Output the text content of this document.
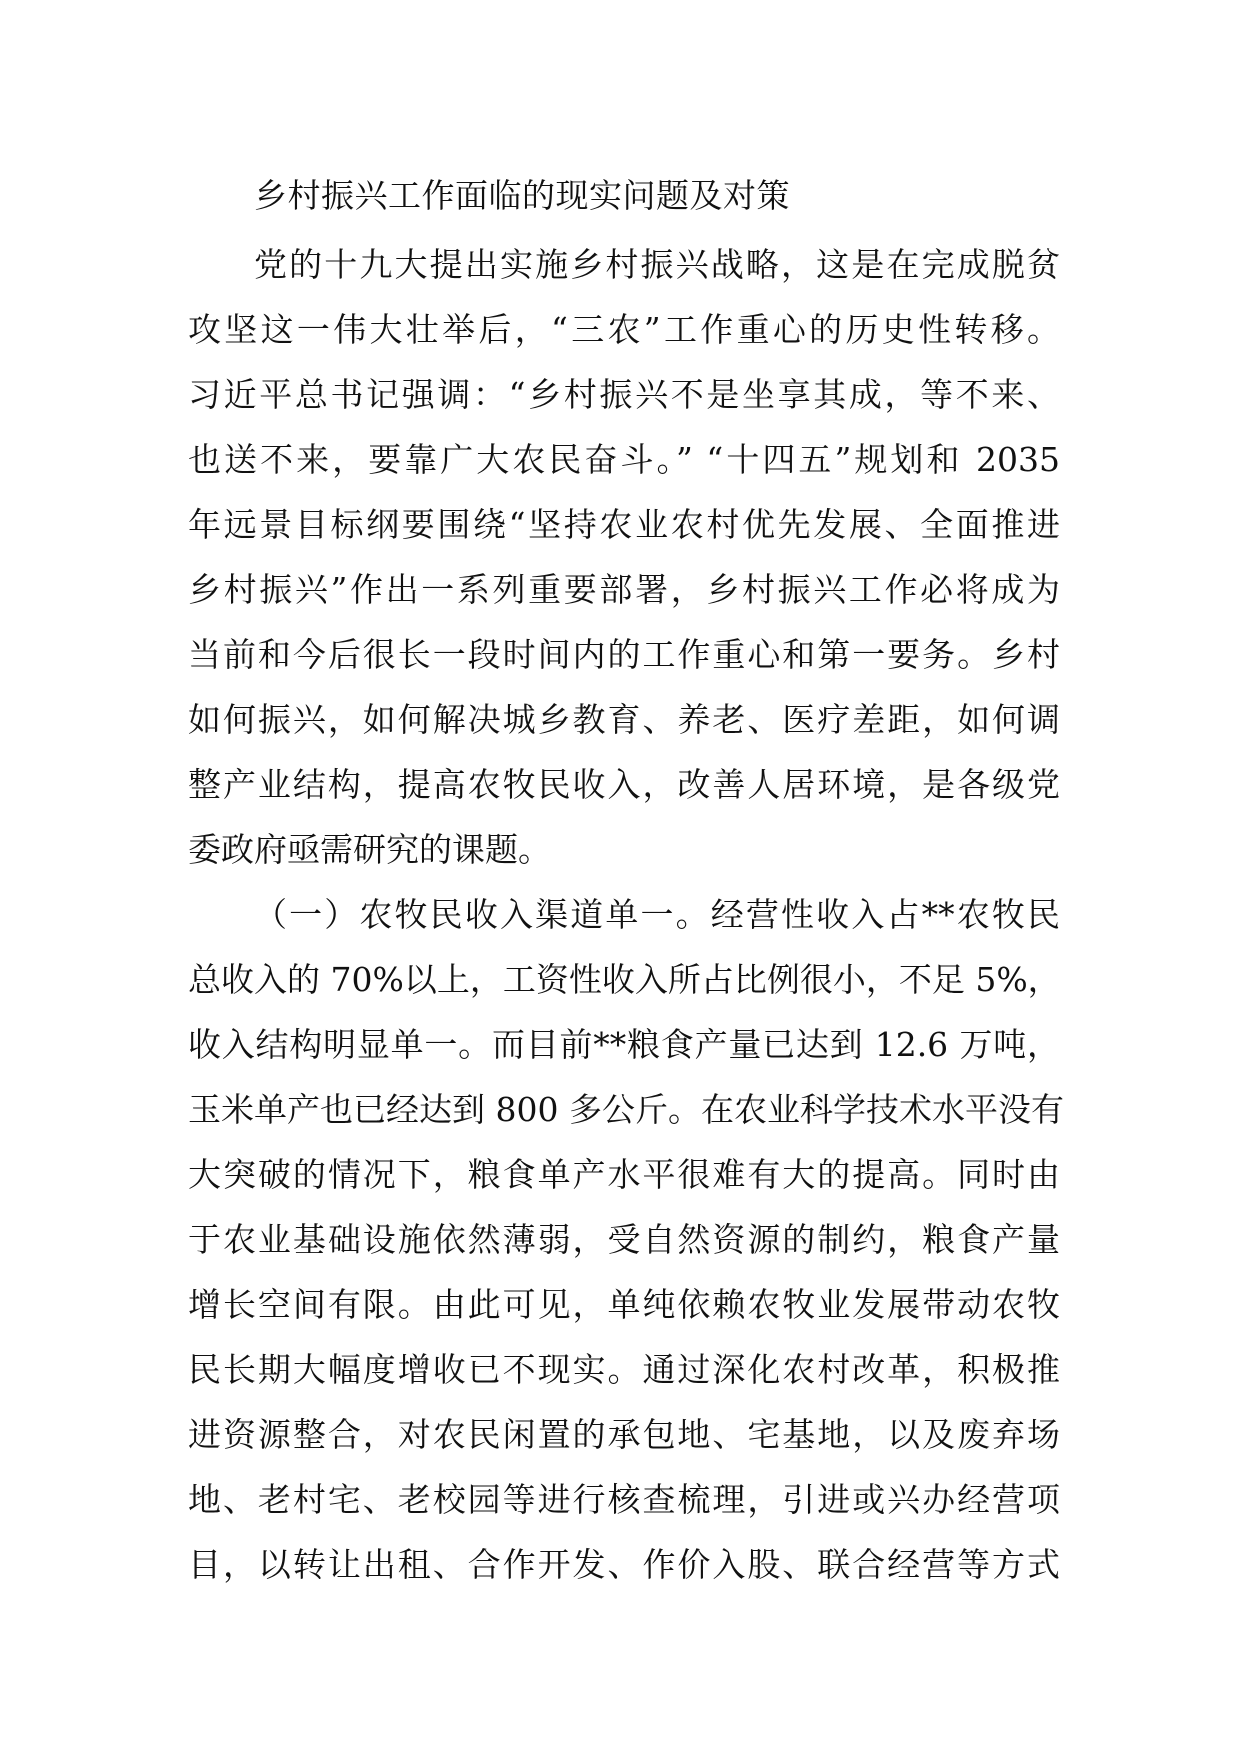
乡村振兴工作面临的现实问题及对策
党的十九大提出实施乡村振兴战略，这是在完成脱贫
攻坚这一伟大壮举后，“三农”工作重心的历史性转移。
习近平总书记强调：“乡村振兴不是坐享其成，等不来、
也送不来，要靠广大农民奋斗。” “十四五”规划和 2035
年远景目标纲要围绕“坚持农业农村优先发展、全面推进
乡村振兴”作出一系列重要部署，乡村振兴工作必将成为
当前和今后很长一段时间内的工作重心和第一要务。乡村
如何振兴，如何解决城乡教育、养老、医疗差距，如何调
整产业结构，提高农牧民收入，改善人居环境，是各级党
委政府亟需研究的课题。
（一）农牧民收入渠道单一。经营性收入占**农牧民
总收入的 70%以上，工资性收入所占比例很小，不足 5%，
收入结构明显单一。而目前**粮食产量已达到 12.6 万吨，
玉米单产也已经达到 800 多公斤。在农业科学技术水平没有
大突破的情况下，粮食单产水平很难有大的提高。同时由
于农业基础设施依然薄弱，受自然资源的制约，粮食产量
增长空间有限。由此可见，单纯依赖农牧业发展带动农牧
民长期大幅度增收已不现实。通过深化农村改革，积极推
进资源整合，对农民闲置的承包地、宅基地，以及废弃场
地、老村宅、老校园等进行核查梳理，引进或兴办经营项
目，以转让出租、合作开发、作价入股、联合经营等方式
